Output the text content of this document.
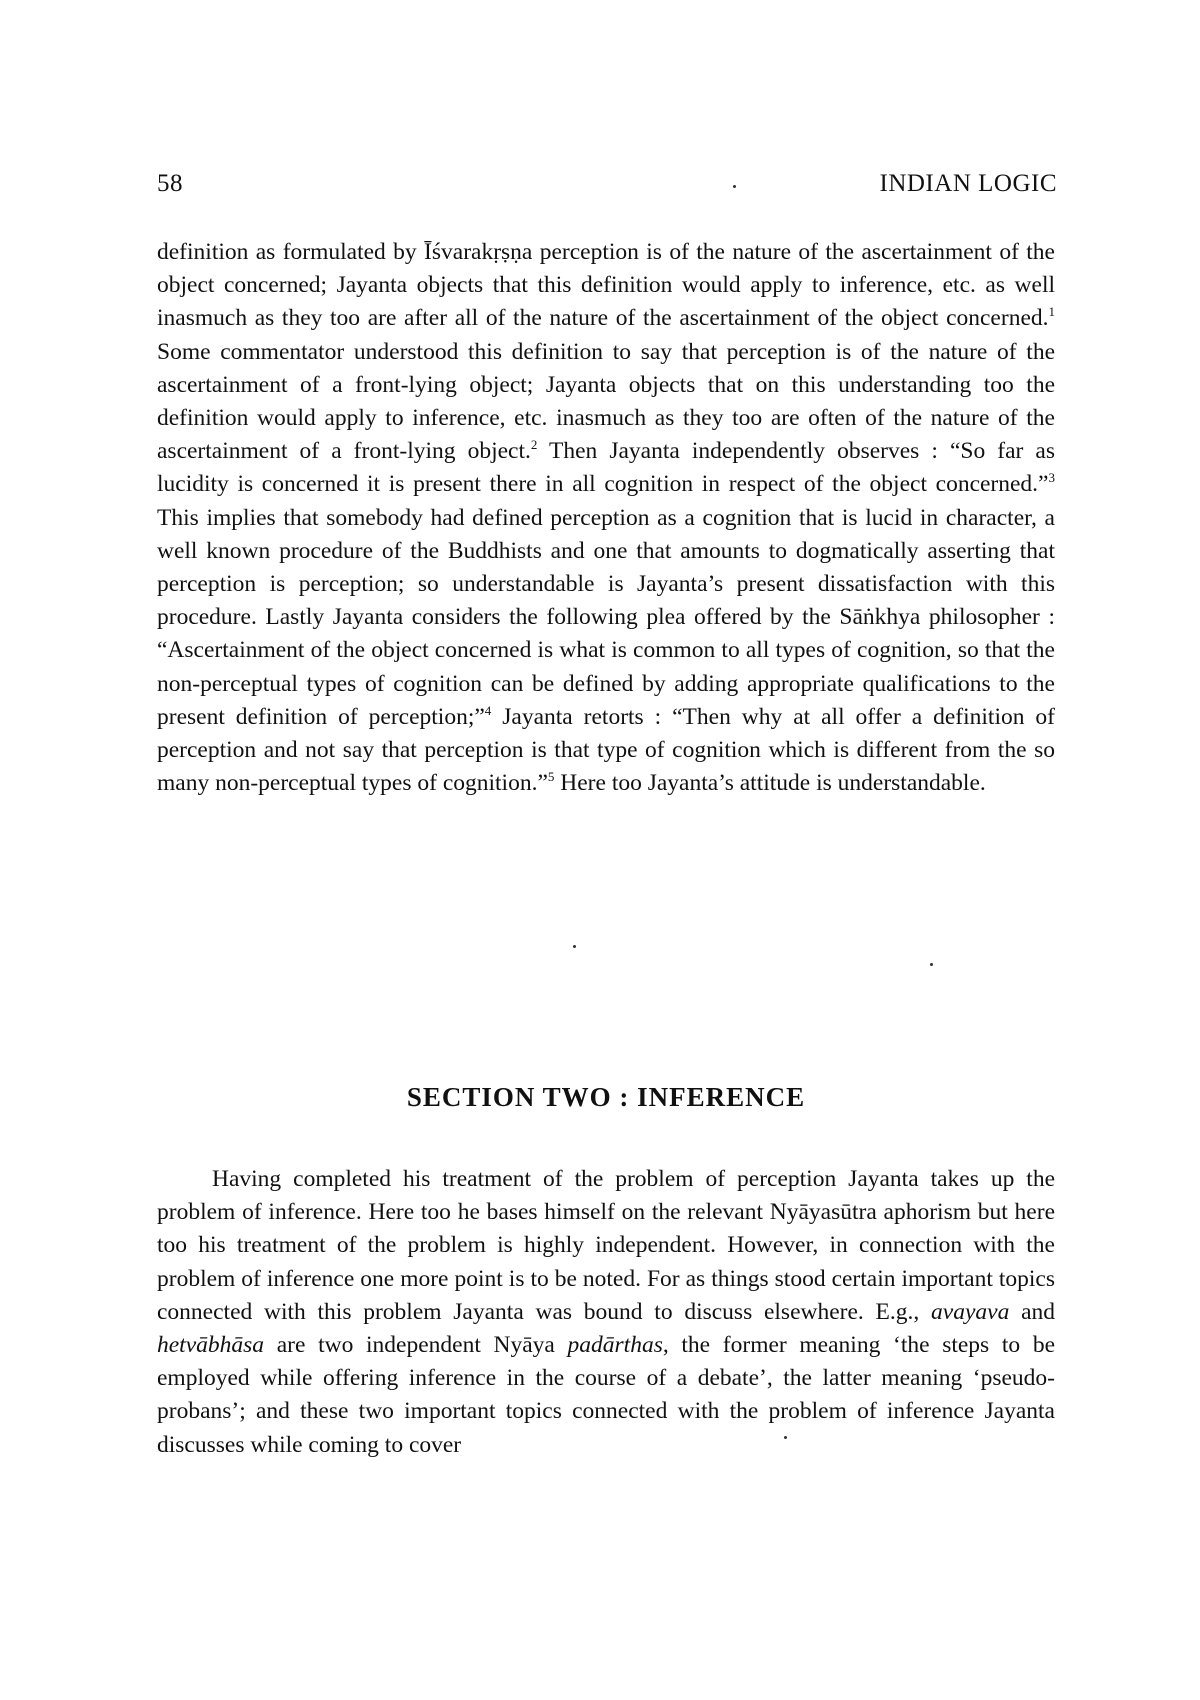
58	INDIAN LOGIC
definition as formulated by Īśvarakṛṣṇa perception is of the nature of the ascertainment of the object concerned; Jayanta objects that this definition would apply to inference, etc. as well inasmuch as they too are after all of the nature of the ascertainment of the object concerned.$^1$ Some commentator understood this definition to say that perception is of the nature of the ascertainment of a front-lying object; Jayanta objects that on this understanding too the definition would apply to inference, etc. inasmuch as they too are often of the nature of the ascertainment of a front-lying object.$^2$ Then Jayanta independently observes : “So far as lucidity is concerned it is present there in all cognition in respect of the object concerned.”$^3$ This implies that somebody had defined perception as a cognition that is lucid in character, a well known procedure of the Buddhists and one that amounts to dogmatically asserting that perception is perception; so understandable is Jayanta’s present dissatisfaction with this procedure. Lastly Jayanta considers the following plea offered by the Sāṅkhya philosopher : “Ascertainment of the object concerned is what is common to all types of cognition, so that the non-perceptual types of cognition can be defined by adding appropriate qualifications to the present definition of perception;”$^4$ Jayanta retorts : “Then why at all offer a definition of perception and not say that perception is that type of cognition which is different from the so many non-perceptual types of cognition.”$^5$ Here too Jayanta’s attitude is understandable.
SECTION TWO : INFERENCE
Having completed his treatment of the problem of perception Jayanta takes up the problem of inference. Here too he bases himself on the relevant Nyāyasūtra aphorism but here too his treatment of the problem is highly independent. However, in connection with the problem of inference one more point is to be noted. For as things stood certain important topics connected with this problem Jayanta was bound to discuss elsewhere. E.g., avayava and hetvābhāsa are two independent Nyāya padārthas, the former meaning ‘the steps to be employed while offering inference in the course of a debate’, the latter meaning ‘pseudo-probans’; and these two important topics connected with the problem of inference Jayanta discusses while coming to cover
